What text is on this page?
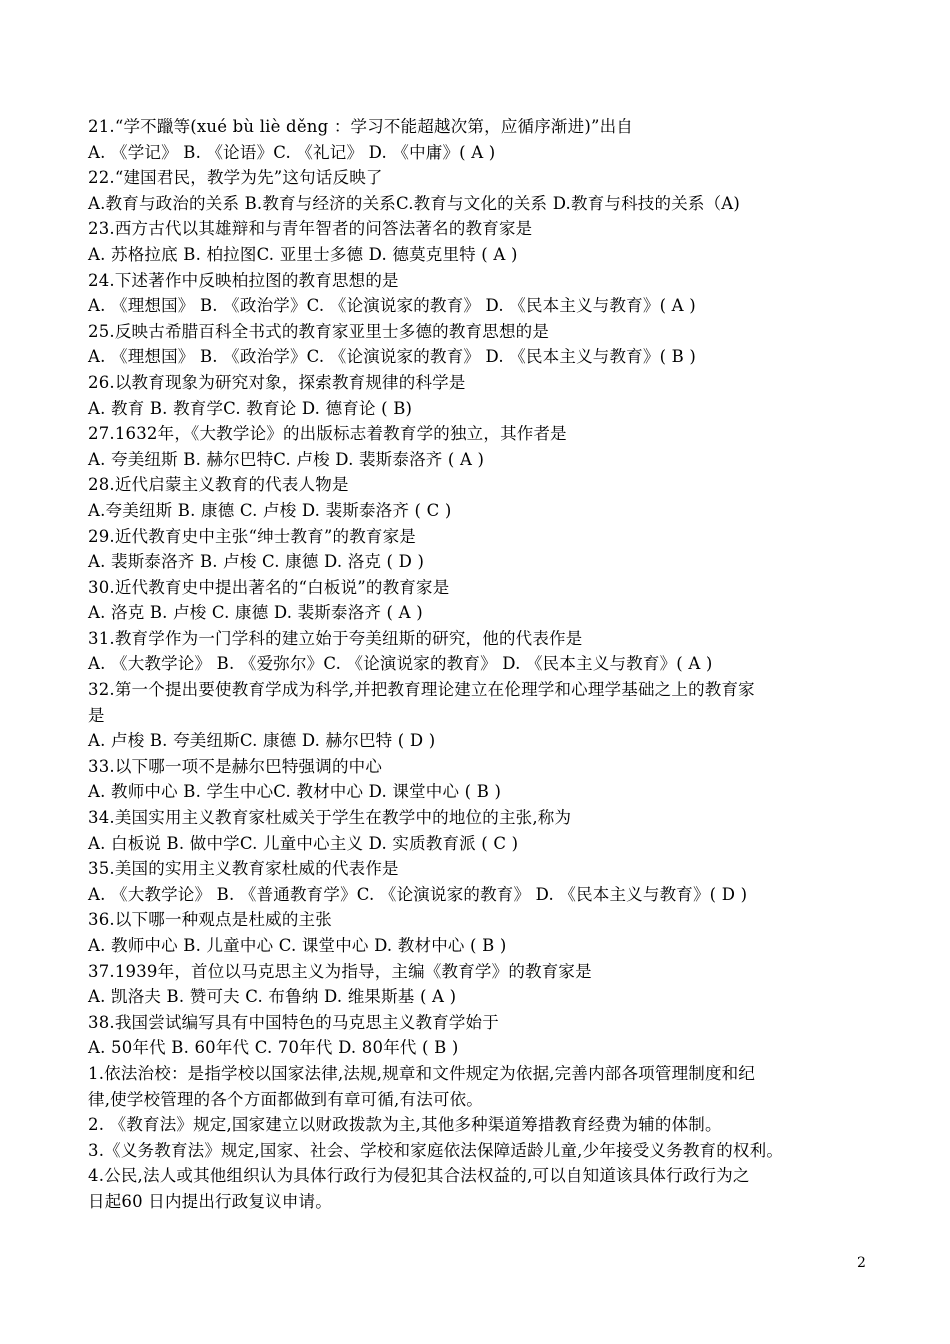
21.“学不躐等(xué bù liè děng ：学习不能超越次第，应循序渐进)”出自
A. 《学记》 B. 《论语》C. 《礼记》 D. 《中庸》( A )
22.“建国君民，教学为先”这句话反映了
A.教育与政治的关系 B.教育与经济的关系C.教育与文化的关系 D.教育与科技的关系（A)
23.西方古代以其雄辩和与青年智者的问答法著名的教育家是
A. 苏格拉底 B. 柏拉图C. 亚里士多德 D. 德莫克里特 ( A )
24.下述著作中反映柏拉图的教育思想的是
A. 《理想国》 B. 《政治学》C. 《论演说家的教育》 D. 《民本主义与教育》( A )
25.反映古希腊百科全书式的教育家亚里士多德的教育思想的是
A. 《理想国》 B. 《政治学》C. 《论演说家的教育》 D. 《民本主义与教育》( B )
26.以教育现象为研究对象，探索教育规律的科学是
A. 教育 B. 教育学C. 教育论 D. 德育论 ( B)
27.1632年，《大教学论》的出版标志着教育学的独立，其作者是
A. 夸美纽斯 B. 赫尔巴特C. 卢梭 D. 裴斯泰洛齐 ( A )
28.近代启蒙主义教育的代表人物是
A.夸美纽斯 B. 康德 C. 卢梭 D. 裴斯泰洛齐 ( C )
29.近代教育史中主张“绅士教育”的教育家是
A. 裴斯泰洛齐 B. 卢梭 C. 康德 D. 洛克 ( D )
30.近代教育史中提出著名的“白板说”的教育家是
A. 洛克 B. 卢梭 C. 康德 D. 裴斯泰洛齐 ( A )
31.教育学作为一门学科的建立始于夸美纽斯的研究，他的代表作是
A. 《大教学论》 B. 《爱弥尔》C. 《论演说家的教育》 D. 《民本主义与教育》( A )
32.第一个提出要使教育学成为科学,并把教育理论建立在伦理学和心理学基础之上的教育家
是
A. 卢梭 B. 夸美纽斯C. 康德 D. 赫尔巴特 ( D )
33.以下哪一项不是赫尔巴特强调的中心
A. 教师中心 B. 学生中心C. 教材中心 D. 课堂中心 ( B )
34.美国实用主义教育家杜威关于学生在教学中的地位的主张,称为
A. 白板说 B. 做中学C. 儿童中心主义 D. 实质教育派 ( C )
35.美国的实用主义教育家杜威的代表作是
A. 《大教学论》 B. 《普通教育学》C. 《论演说家的教育》 D. 《民本主义与教育》( D )
36.以下哪一种观点是杜威的主张
A. 教师中心 B. 儿童中心 C. 课堂中心 D. 教材中心 ( B )
37.1939年，首位以马克思主义为指导，主编《教育学》的教育家是
A. 凯洛夫 B. 赞可夫 C. 布鲁纳 D. 维果斯基 ( A )
38.我国尝试编写具有中国特色的马克思主义教育学始于
A. 50年代 B. 60年代 C. 70年代 D. 80年代 ( B )
1.依法治校：是指学校以国家法律,法规,规章和文件规定为依据,完善内部各项管理制度和纪
律,使学校管理的各个方面都做到有章可循,有法可依。
2. 《教育法》规定,国家建立以财政拨款为主,其他多种渠道筹措教育经费为辅的体制。
3.《义务教育法》规定,国家、社会、学校和家庭依法保障适龄儿童,少年接受义务教育的权利。
4.公民,法人或其他组织认为具体行政行为侵犯其合法权益的,可以自知道该具体行政行为之
日起60 日内提出行政复议申请。
2
